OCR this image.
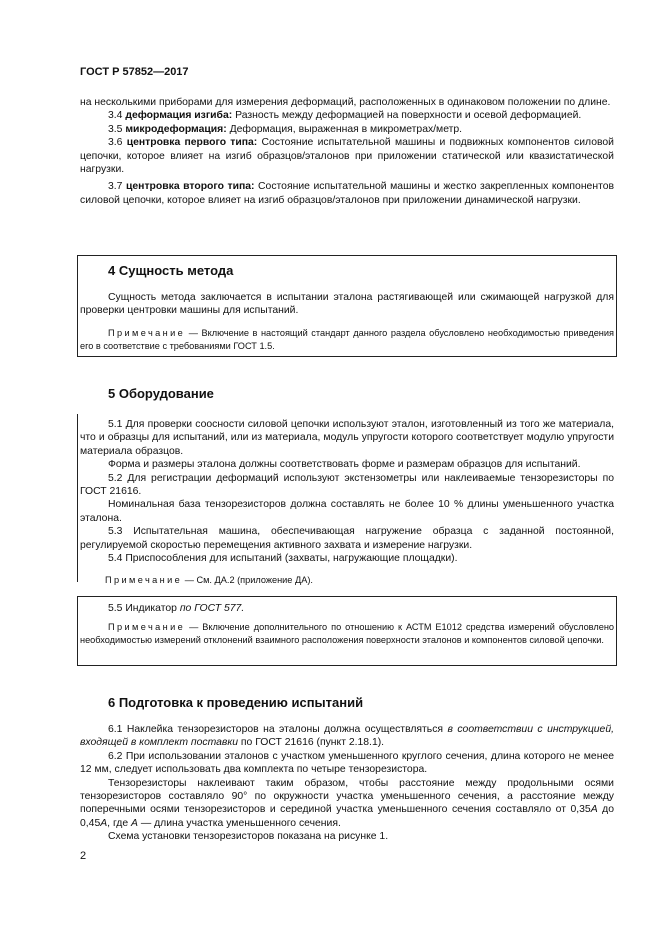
ГОСТ Р 57852—2017

на несколькими приборами для измерения деформаций, расположенных в одинаковом положении по длине.

3.4 деформация изгиба: Разность между деформацией на поверхности и осевой деформацией.

3.5 микродеформация: Деформация, выраженная в микрометрах/метр.

3.6 центровка первого типа: Состояние испытательной машины и подвижных компонентов силовой цепочки, которое влияет на изгиб образцов/эталонов при приложении статической или квазистатической нагрузки.

3.7 центровка второго типа: Состояние испытательной машины и жестко закрепленных компонентов силовой цепочки, которое влияет на изгиб образцов/эталонов при приложении динамической нагрузки.

4 Сущность метода

Сущность метода заключается в испытании эталона растягивающей или сжимающей нагрузкой для проверки центровки машины для испытаний.

Примечание — Включение в настоящий стандарт данного раздела обусловлено необходимостью приведения его в соответствие с требованиями ГОСТ 1.5.

5 Оборудование

5.1 Для проверки соосности силовой цепочки используют эталон, изготовленный из того же материала, что и образцы для испытаний, или из материала, модуль упругости которого соответствует модулю упругости материала образцов.

Форма и размеры эталона должны соответствовать форме и размерам образцов для испытаний.

5.2 Для регистрации деформаций используют экстензометры или наклеиваемые тензорезисторы по ГОСТ 21616.

Номинальная база тензорезисторов должна составлять не более 10 % длины уменьшенного участка эталона.

5.3 Испытательная машина, обеспечивающая нагружение образца с заданной постоянной, регулируемой скоростью перемещения активного захвата и измерение нагрузки.

5.4 Приспособления для испытаний (захваты, нагружающие площадки).

Примечание — См. ДА.2 (приложение ДА).

5.5 Индикатор по ГОСТ 577.

Примечание — Включение дополнительного по отношению к АСТМ Е1012 средства измерений обусловлено необходимостью измерений отклонений взаимного расположения поверхности эталонов и компонентов силовой цепочки.

6 Подготовка к проведению испытаний

6.1 Наклейка тензорезисторов на эталоны должна осуществляться в соответствии с инструкцией, входящей в комплект поставки по ГОСТ 21616 (пункт 2.18.1).

6.2 При использовании эталонов с участком уменьшенного круглого сечения, длина которого не менее 12 мм, следует использовать два комплекта по четыре тензорезистора.

Тензорезисторы наклеивают таким образом, чтобы расстояние между продольными осями тензорезисторов составляло 90° по окружности участка уменьшенного сечения, а расстояние между поперечными осями тензорезисторов и серединой участка уменьшенного сечения составляло от 0,35А до 0,45А, где А — длина участка уменьшенного сечения.

Схема установки тензорезисторов показана на рисунке 1.

2
